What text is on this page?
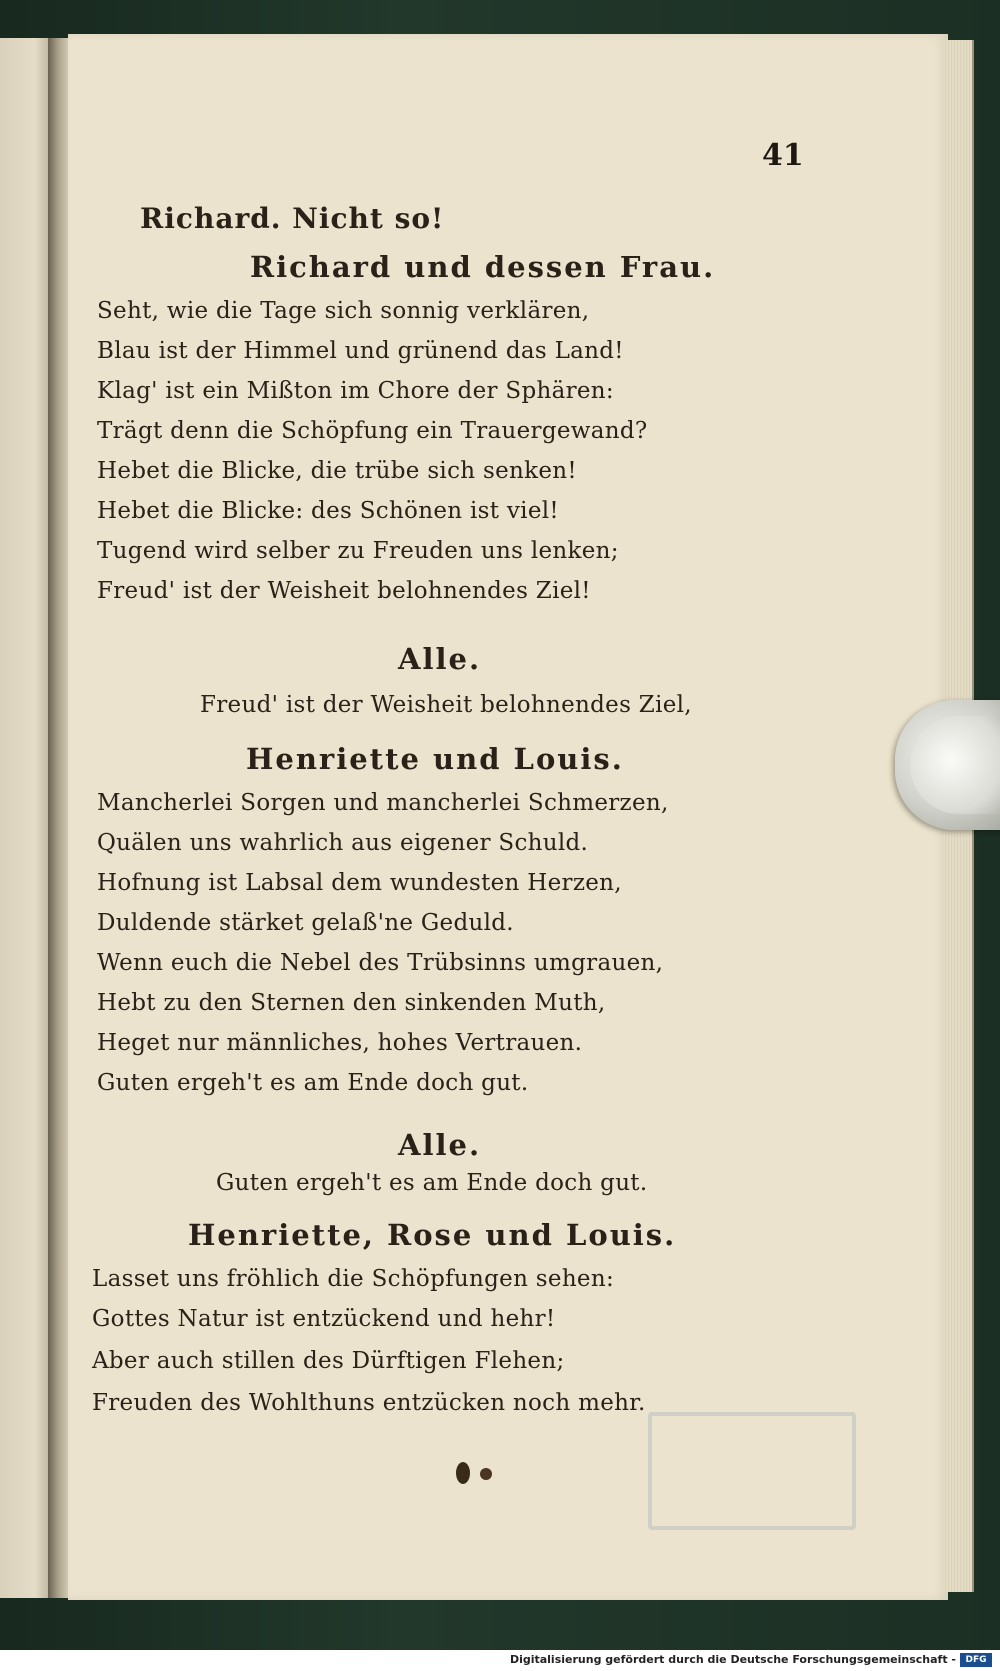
41
Richard. Nicht so!
Richard und dessen Frau.
Seht, wie die Tage sich sonnig verklären,
Blau ist der Himmel und grünend das Land!
Klag' ist ein Mißton im Chore der Sphären:
Trägt denn die Schöpfung ein Trauergewand?
Hebet die Blicke, die trübe sich senken!
Hebet die Blicke: des Schönen ist viel!
Tugend wird selber zu Freuden uns lenken;
Freud' ist der Weisheit belohnendes Ziel!
Alle.
Freud' ist der Weisheit belohnendes Ziel,
Henriette und Louis.
Mancherlei Sorgen und mancherlei Schmerzen,
Quälen uns wahrlich aus eigener Schuld.
Hofnung ist Labsal dem wundesten Herzen,
Duldende stärket gelaß'ne Geduld.
Wenn euch die Nebel des Trübsinns umgrauen,
Hebt zu den Sternen den sinkenden Muth,
Heget nur männliches, hohes Vertrauen.
Guten ergeh't es am Ende doch gut.
Alle.
Guten ergeh't es am Ende doch gut.
Henriette, Rose und Louis.
Lasset uns fröhlich die Schöpfungen sehen:
Gottes Natur ist entzückend und hehr!
Aber auch stillen des Dürftigen Flehen;
Freuden des Wohlthuns entzücken noch mehr.
Digitalisierung gefördert durch die Deutsche Forschungsgemeinschaft -	DFG
